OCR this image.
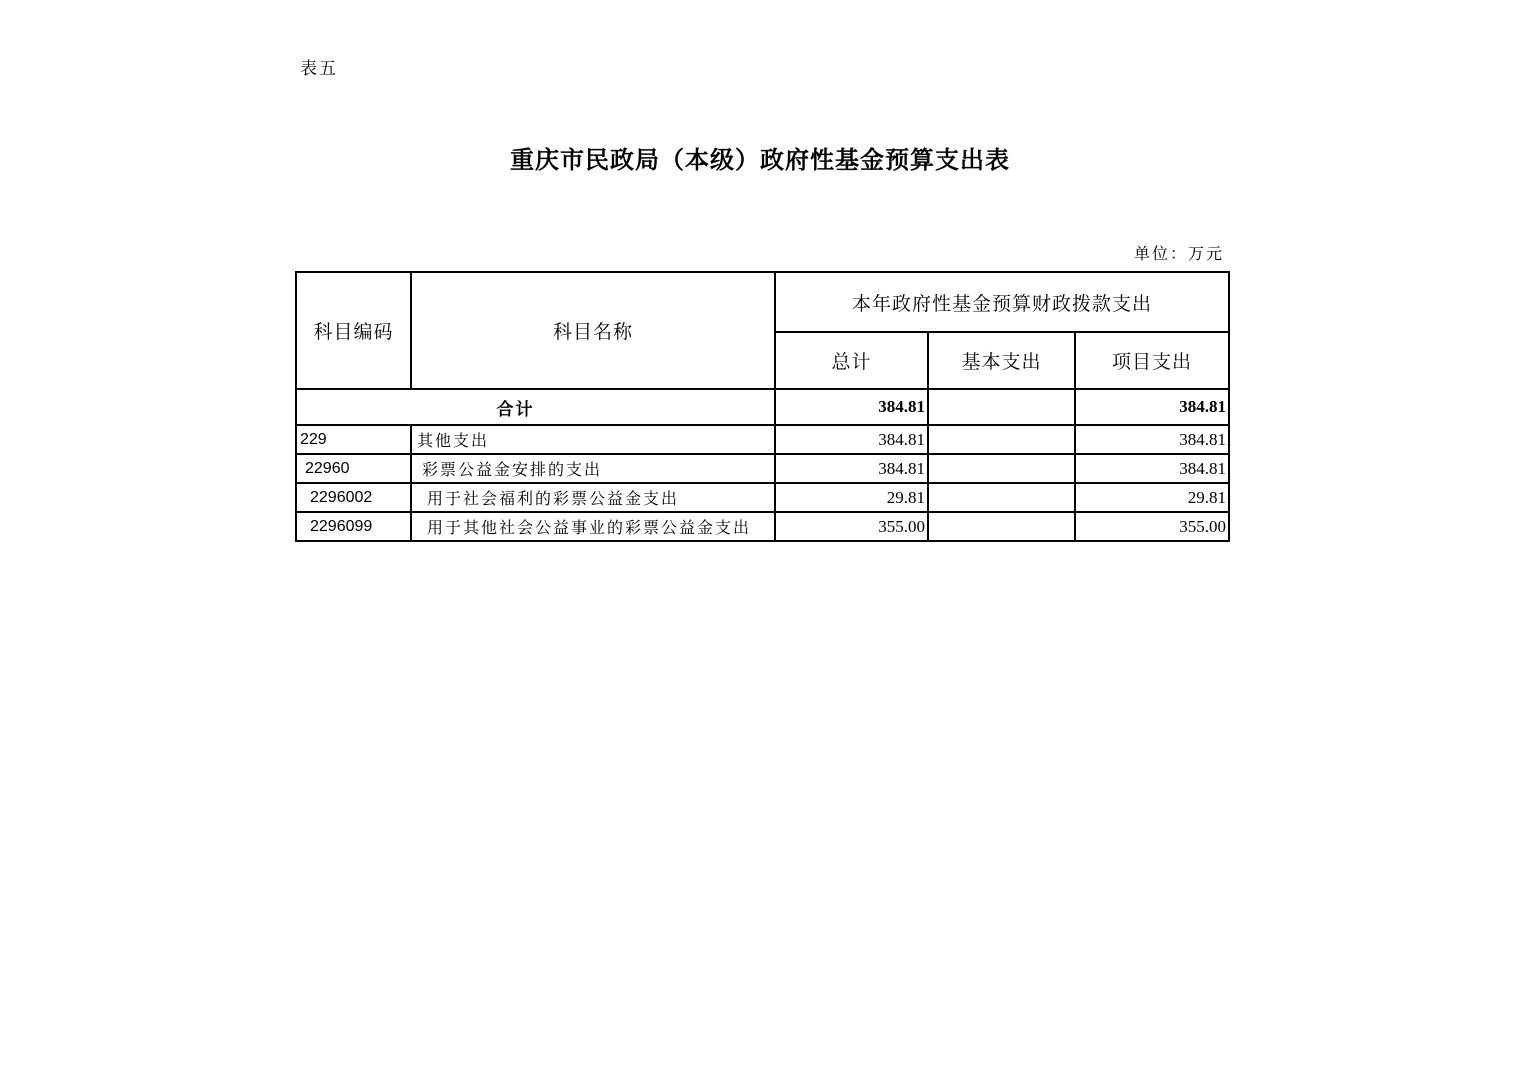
表五
重庆市民政局（本级）政府性基金预算支出表
单位：万元
科目编码	科目名称	本年政府性基金预算财政拨款支出		
		总计	基本支出	项目支出
合计		384.81		384.81
229	其他支出	384.81		384.81
22960	彩票公益金安排的支出	384.81		384.81
2296002	用于社会福利的彩票公益金支出	29.81		29.81
2296099	用于其他社会公益事业的彩票公益金支出	355.00		355.00
